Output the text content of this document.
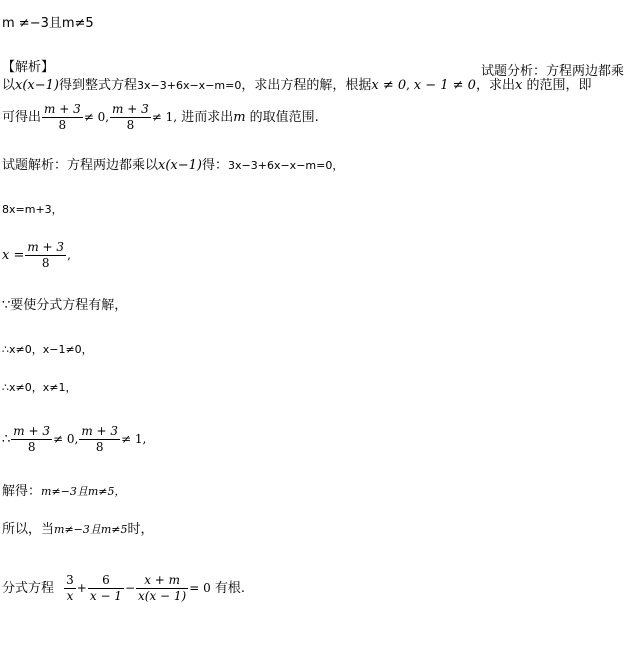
m ≠−3且m≠5
【解析】	试题分析：方程两边都乘
以x(x−1)得到整式方程3x−3+6x−x−m=0，求出方程的解，根据x ≠ 0, x − 1 ≠ 0，求出x 的范围，即
可得出 $\frac{m + 3}{8} \ne 0$, $\frac{m + 3}{8} \ne 1$, 进而求出m 的取值范围.
试题解析：方程两边都乘以x(x−1)得：3x−3+6x−x−m=0，
8x=m+3，
$x = \frac{m + 3}{8}$ ,
∵要使分式方程有解，
∴x≠0，x−1≠0，
∴x≠0，x≠1，
∴ $\frac{m + 3}{8} \ne 0$, $\frac{m + 3}{8} \ne 1$,
解得：m≠−3且m≠5，
所以，当m≠−3且m≠5时，
分式方程 $\frac{3}{x} + \frac{6}{x - 1} - \frac{x + m}{x(x - 1)} = 0$ 有根.
